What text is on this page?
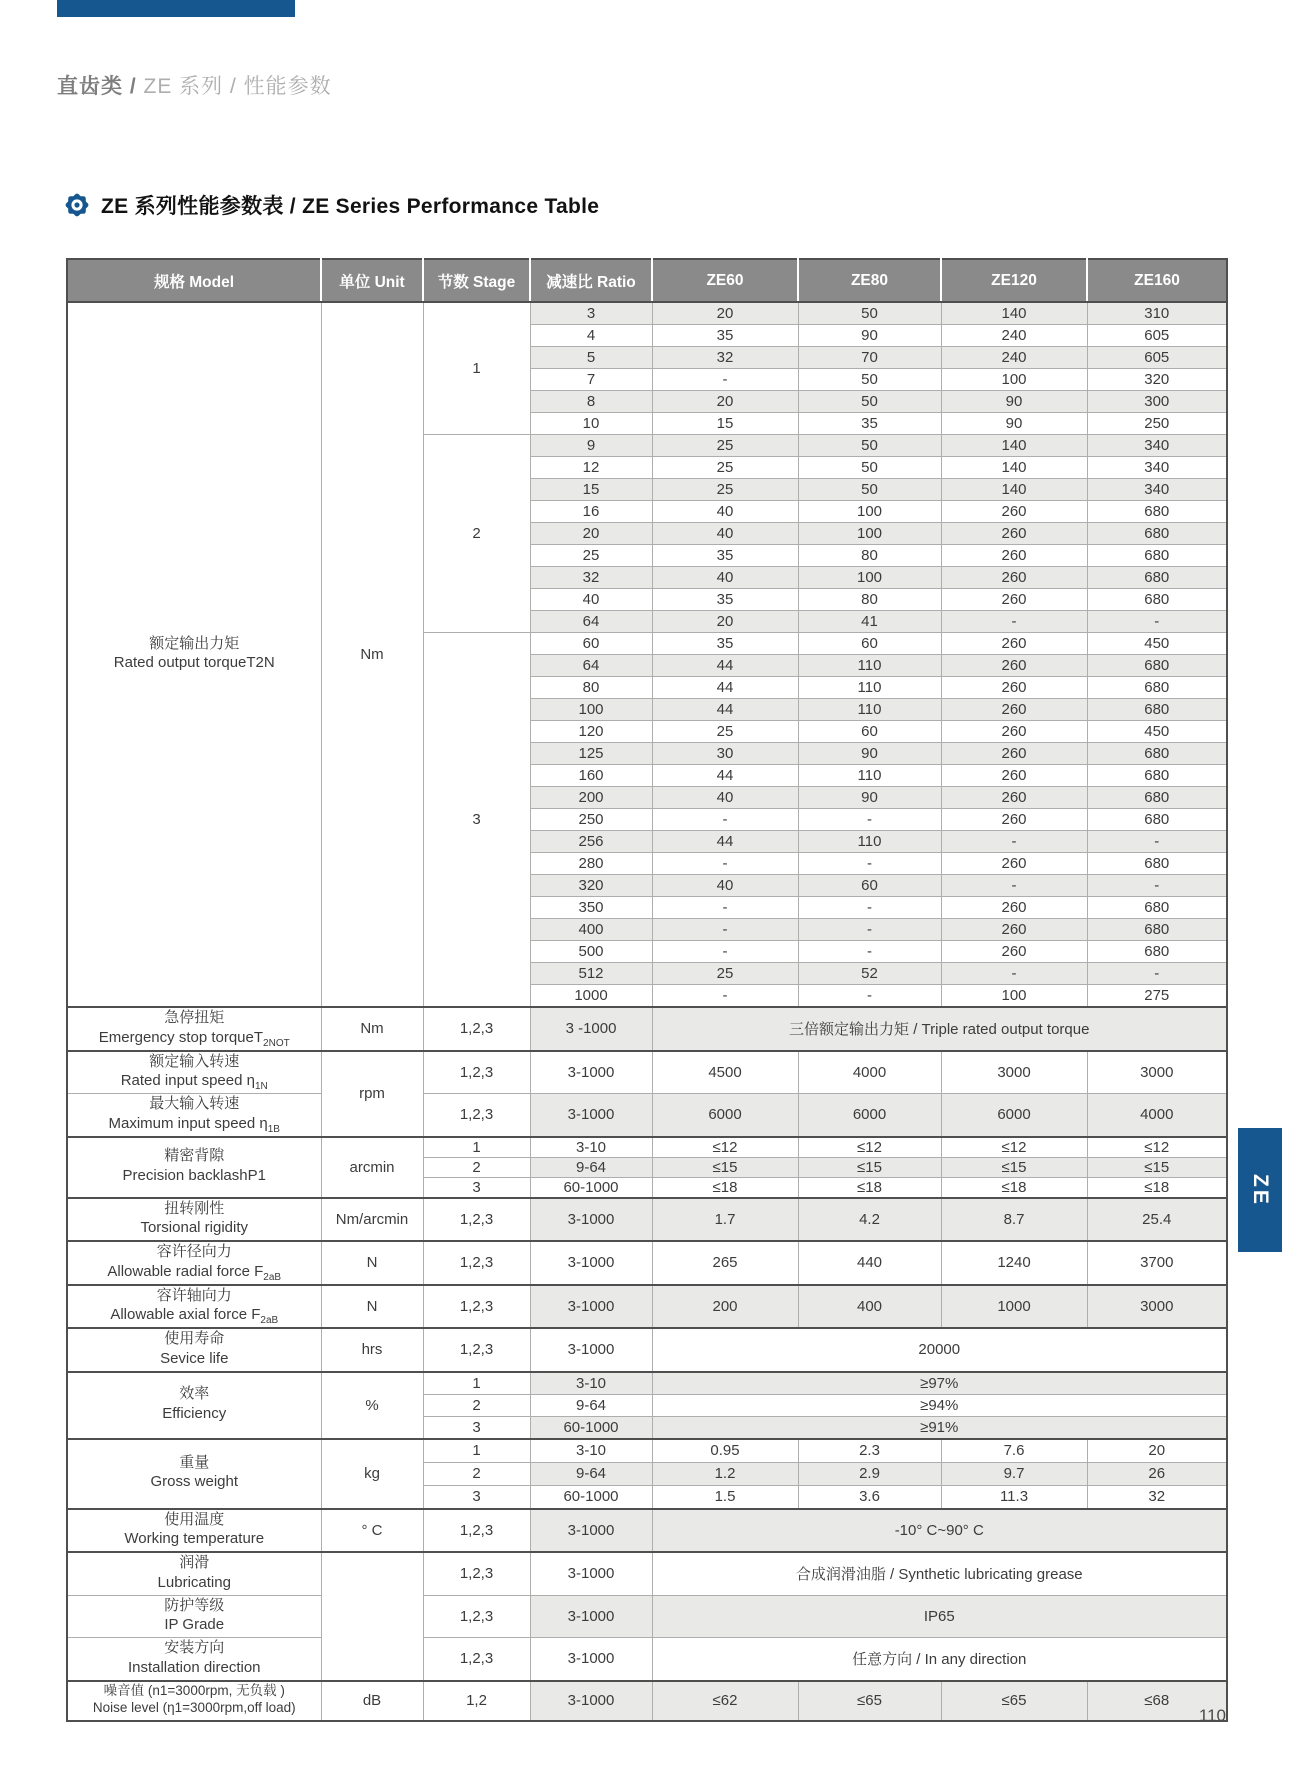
直齿类 / ZE 系列 / 性能参数
ZE 系列性能参数表 / ZE Series Performance Table
规格 Model	单位 Unit	节数 Stage	减速比 Ratio	ZE60	ZE80	ZE120	ZE160

额定输出力矩
Rated output torqueT2N	Nm	1	3	20	50	140	310
			4	35	90	240	605
			5	32	70	240	605
			7	-	50	100	320
			8	20	50	90	300
			10	15	35	90	250
		2	9	25	50	140	340
			12	25	50	140	340
			15	25	50	140	340
			16	40	100	260	680
			20	40	100	260	680
			25	35	80	260	680
			32	40	100	260	680
			40	35	80	260	680
			64	20	41	-	-
		3	60	35	60	260	450
			64	44	110	260	680
			80	44	110	260	680
			100	44	110	260	680
			120	25	60	260	450
			125	30	90	260	680
			160	44	110	260	680
			200	40	90	260	680
			250	-	-	260	680
			256	44	110	-	-
			280	-	-	260	680
			320	40	60	-	-
			350	-	-	260	680
			400	-	-	260	680
			500	-	-	260	680
			512	25	52	-	-
			1000	-	-	100	275

急停扭矩
Emergency stop torqueT$_{2NOT}$	Nm	1,2,3	3 -1000	三倍额定输出力矩 / Triple rated output torque			

额定输入转速
Rated input speed $\eta_{1N}$	rpm	1,2,3	3-1000	4500	4000	3000	3000

最大输入转速
Maximum input speed $\eta_{1B}$		1,2,3	3-1000	6000	6000	6000	4000

精密背隙
Precision backlashP1	arcmin	1	3-10	≤12	≤12	≤12	≤12
		2	9-64	≤15	≤15	≤15	≤15
		3	60-1000	≤18	≤18	≤18	≤18

扭转刚性
Torsional rigidity	Nm/arcmin	1,2,3	3-1000	1.7	4.2	8.7	25.4

容许径向力
Allowable radial force $F_{2aB}$	N	1,2,3	3-1000	265	440	1240	3700

容许轴向力
Allowable axial force $F_{2aB}$	N	1,2,3	3-1000	200	400	1000	3000

使用寿命
Sevice life	hrs	1,2,3	3-1000	20000			

效率
Efficiency	%	1	3-10	≥97%			
		2	9-64	≥94%			
		3	60-1000	≥91%			

重量
Gross weight	kg	1	3-10	0.95	2.3	7.6	20
		2	9-64	1.2	2.9	9.7	26
		3	60-1000	1.5	3.6	11.3	32

使用温度
Working temperature	° C	1,2,3	3-1000	-10° C~90° C			

润滑
Lubricating		1,2,3	3-1000	合成润滑油脂 / Synthetic lubricating grease			

防护等级
IP Grade		1,2,3	3-1000	IP65			

安装方向
Installation direction		1,2,3	3-1000	任意方向 / In any direction			

噪音值 (n1=3000rpm, 无负载 )
Noise level (η1=3000rpm,off load)	dB	1,2	3-1000	≤62	≤65	≤65	≤68
ZE
110
